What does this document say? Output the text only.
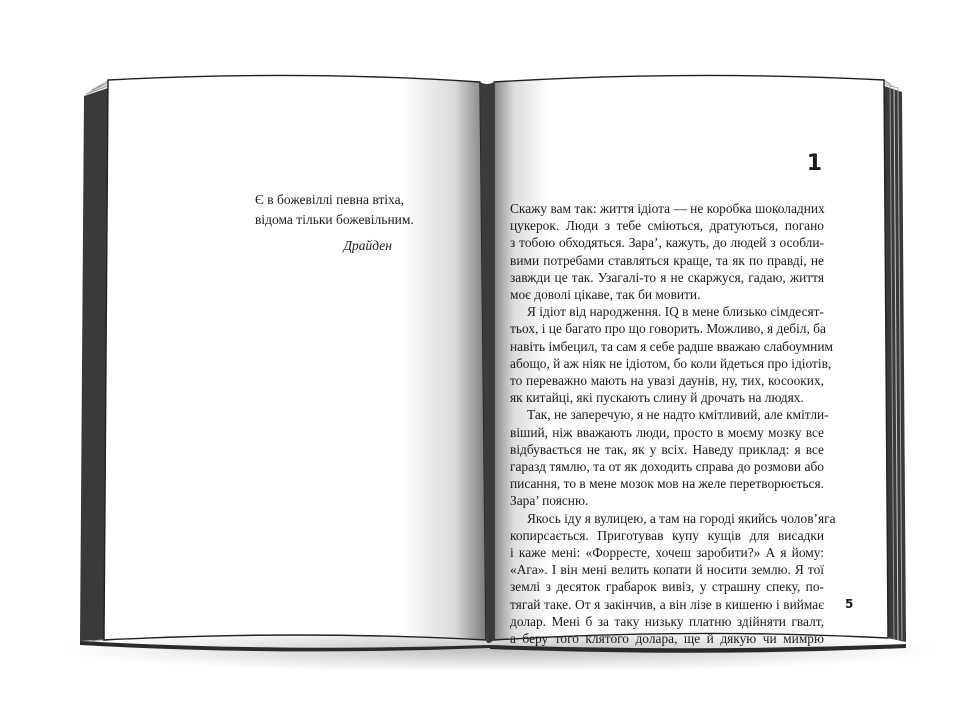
Є в божевіллі певна втіха,
відома тільки божевільним.
Драйден
1

Скажу вам так: життя ідіота — не коробка шоколадних
цукерок. Люди з тебе сміються, дратуються, погано
з тобою обходяться. Зара’, кажуть, до людей з особли-
вими потребами ставляться краще, та як по правді, не
завжди це так. Узагалі-то я не скаржуся, гадаю, життя
моє доволі цікаве, так би мовити.

Я ідіот від народження. IQ в мене близько сімдесят-
тьох, і це багато про що говорить. Можливо, я дебіл, ба
навіть імбецил, та сам я себе радше вважаю слабоумним
абощо, й аж ніяк не ідіотом, бо коли йдеться про ідіотів,
то переважно мають на увазі даунів, ну, тих, косооких,
як китайці, які пускають слину й дрочать на людях.

Так, не заперечую, я не надто кмітливий, але кмітли-
віший, ніж вважають люди, просто в моєму мозку все
відбувається не так, як у всіх. Наведу приклад: я все
гаразд тямлю, та от як доходить справа до розмови або
писання, то в мене мозок мов на желе перетворюється.
Зара’ поясню.

Якось іду я вулицею, а там на городі якийсь чолов’яга
копирсається. Приготував купу кущів для висадки
і каже мені: «Форресте, хочеш заробити?» А я йому:
«Ага». І він мені велить копати й носити землю. Я тої
землі з десяток грабарок вивіз, у страшну спеку, по-
тягай таке. От я закінчив, а він лізе в кишеню і виймає
долар. Мені б за таку низьку платню здійняти гвалт,
а беру того клятого долара, ще й дякую чи мимрю

5
